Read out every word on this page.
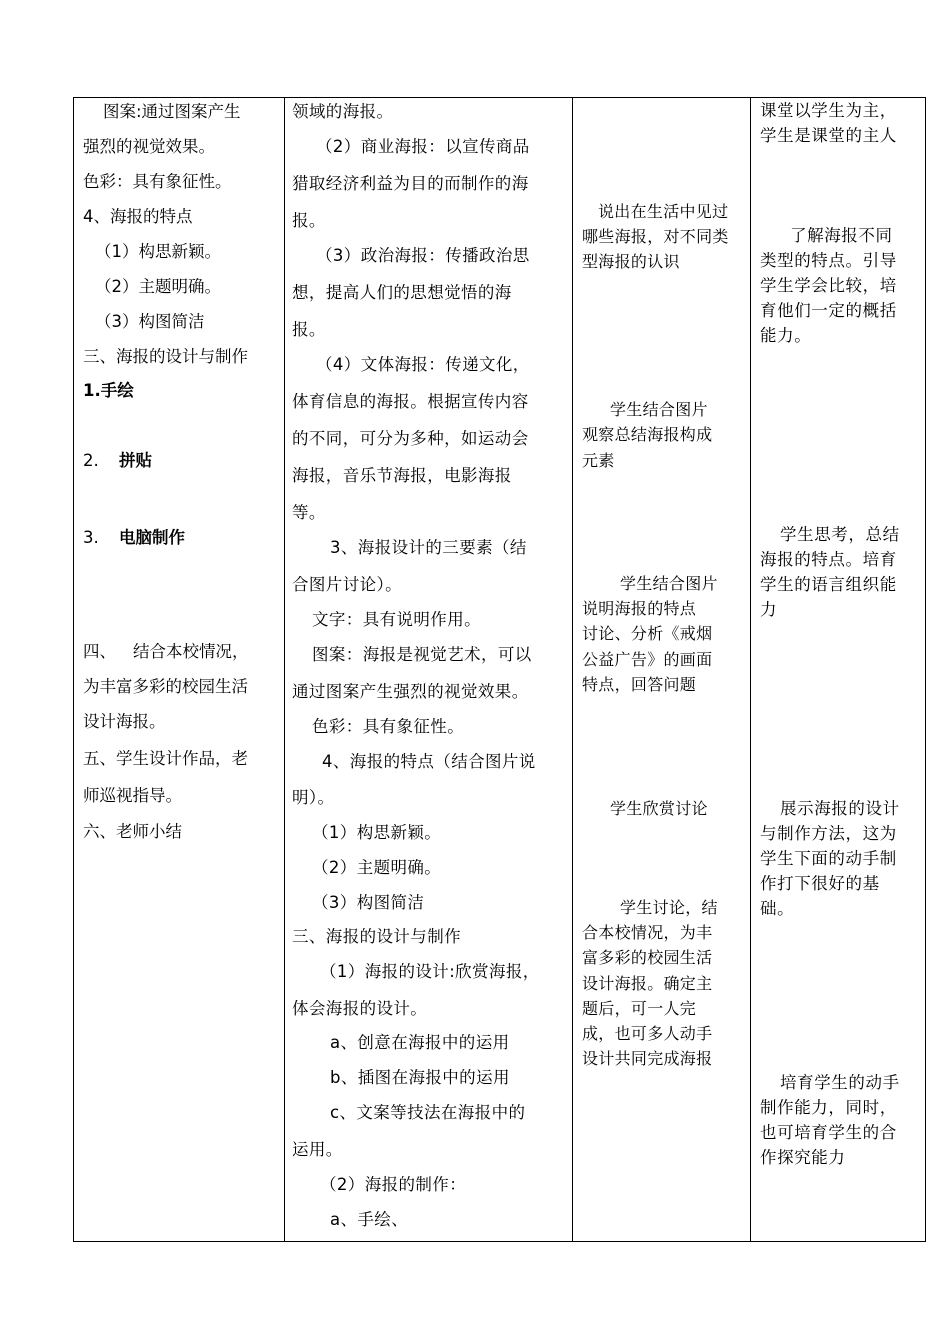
图案:通过图案产生
强烈的视觉效果。
色彩：具有象征性。
4、海报的特点
（1）构思新颖。
（2）主题明确。
（3）构图简洁
三、海报的设计与制作
1.手绘
2. 拼贴
3. 电脑制作
四、 结合本校情况，
为丰富多彩的校园生活
设计海报。
五、学生设计作品，老
师巡视指导。
六、老师小结
领域的海报。
（2）商业海报：以宣传商品
猎取经济利益为目的而制作的海
报。
（3）政治海报：传播政治思
想，提高人们的思想觉悟的海
报。
（4）文体海报：传递文化，
体育信息的海报。根据宣传内容
的不同，可分为多种，如运动会
海报，音乐节海报，电影海报
等。
3、海报设计的三要素（结
合图片讨论）。
文字：具有说明作用。
图案：海报是视觉艺术，可以
通过图案产生强烈的视觉效果。
色彩：具有象征性。
4、海报的特点（结合图片说
明）。
（1）构思新颖。
（2）主题明确。
（3）构图简洁
三、海报的设计与制作
（1）海报的设计:欣赏海报，
体会海报的设计。
a、创意在海报中的运用
b、插图在海报中的运用
c、文案等技法在海报中的
运用。
（2）海报的制作：
a、手绘、
说出在生活中见过
哪些海报，对不同类
型海报的认识
学生结合图片
观察总结海报构成
元素
学生结合图片
说明海报的特点
讨论、分析《戒烟
公益广告》的画面
特点，回答问题
学生欣赏讨论
学生讨论，结
合本校情况，为丰
富多彩的校园生活
设计海报。确定主
题后，可一人完
成，也可多人动手
设计共同完成海报
课堂以学生为主，
学生是课堂的主人
了解海报不同
类型的特点。引导
学生学会比较，培
育他们一定的概括
能力。
学生思考，总结
海报的特点。培育
学生的语言组织能
力
展示海报的设计
与制作方法，这为
学生下面的动手制
作打下很好的基
础。
培育学生的动手
制作能力，同时，
也可培育学生的合
作探究能力
